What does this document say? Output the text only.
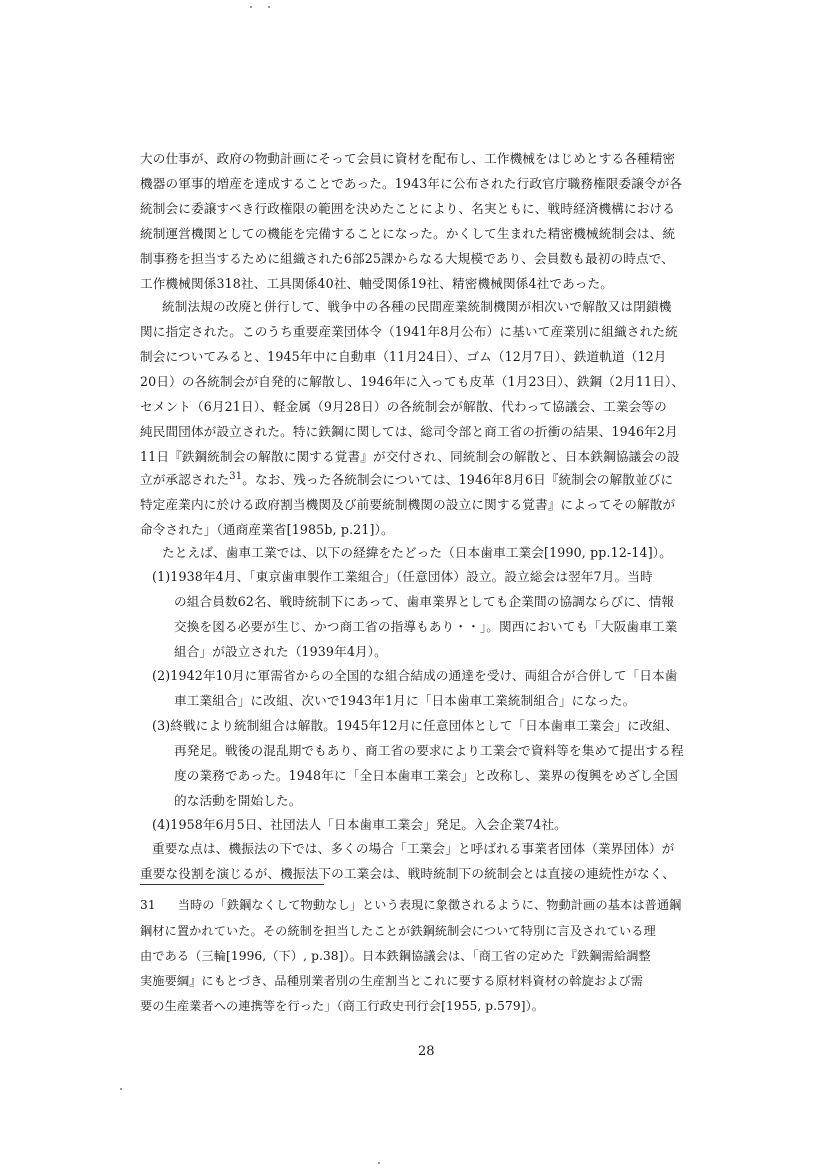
大の仕事が、政府の物動計画にそって会員に資材を配布し、工作機械をはじめとする各種精密
機器の軍事的増産を達成することであった。1943年に公布された行政官庁職務権限委譲令が各
統制会に委譲すべき行政権限の範囲を決めたことにより、名実ともに、戦時経済機構における
統制運営機関としての機能を完備することになった。かくして生まれた精密機械統制会は、統
制事務を担当するために組織された6部25課からなる大規模であり、会員数も最初の時点で、
工作機械関係318社、工具関係40社、軸受関係19社、精密機械関係4社であった。
統制法規の改廃と併行して、戦争中の各種の民間産業統制機関が相次いで解散又は閉鎖機
関に指定された。このうち重要産業団体令（1941年8月公布）に基いて産業別に組織された統
制会についてみると、1945年中に自動車（11月24日）、ゴム（12月7日）、鉄道軌道（12月
20日）の各統制会が自発的に解散し、1946年に入っても皮革（1月23日）、鉄鋼（2月11日）、
セメント（6月21日）、軽金属（9月28日）の各統制会が解散、代わって協議会、工業会等の
純民間団体が設立された。特に鉄鋼に関しては、総司令部と商工省の折衝の結果、1946年2月
11日『鉄鋼統制会の解散に関する覚書』が交付され、同統制会の解散と、日本鉄鋼協議会の設
立が承認された$^{31}$。なお、残った各統制会については、1946年8月6日『統制会の解散並びに
特定産業内に於ける政府割当機関及び前要統制機関の設立に関する覚書』によってその解散が
命令された」（通商産業省[1985b, p.21]）。
たとえば、歯車工業では、以下の経緯をたどった（日本歯車工業会[1990, pp.12-14]）。
(1)1938年4月、「東京歯車製作工業組合」（任意団体）設立。設立総会は翌年7月。当時
の組合員数62名、戦時統制下にあって、歯車業界としても企業間の協調ならびに、情報
交換を図る必要が生じ、かつ商工省の指導もあり・・」。関西においても「大阪歯車工業
組合」が設立された（1939年4月）。
(2)1942年10月に軍需省からの全国的な組合結成の通達を受け、両組合が合併して「日本歯
車工業組合」に改組、次いで1943年1月に「日本歯車工業統制組合」になった。
(3)終戦により統制組合は解散。1945年12月に任意団体として「日本歯車工業会」に改組、
再発足。戦後の混乱期でもあり、商工省の要求により工業会で資料等を集めて提出する程
度の業務であった。1948年に「全日本歯車工業会」と改称し、業界の復興をめざし全国
的な活動を開始した。
(4)1958年6月5日、社団法人「日本歯車工業会」発足。入会企業74社。
重要な点は、機振法の下では、多くの場合「工業会」と呼ばれる事業者団体（業界団体）が
重要な役割を演じるが、機振法下の工業会は、戦時統制下の統制会とは直接の連続性がなく、
31 当時の「鉄鋼なくして物動なし」という表現に象徴されるように、物動計画の基本は普通鋼
鋼材に置かれていた。その統制を担当したことが鉄鋼統制会について特別に言及されている理
由である（三輪[1996,（下）, p.38]）。日本鉄鋼協議会は、「商工省の定めた『鉄鋼需給調整
実施要綱』にもとづき、品種別業者別の生産割当とこれに要する原材料資材の斡旋および需
要の生産業者への連携等を行った」（商工行政史刊行会[1955, p.579]）。
28
